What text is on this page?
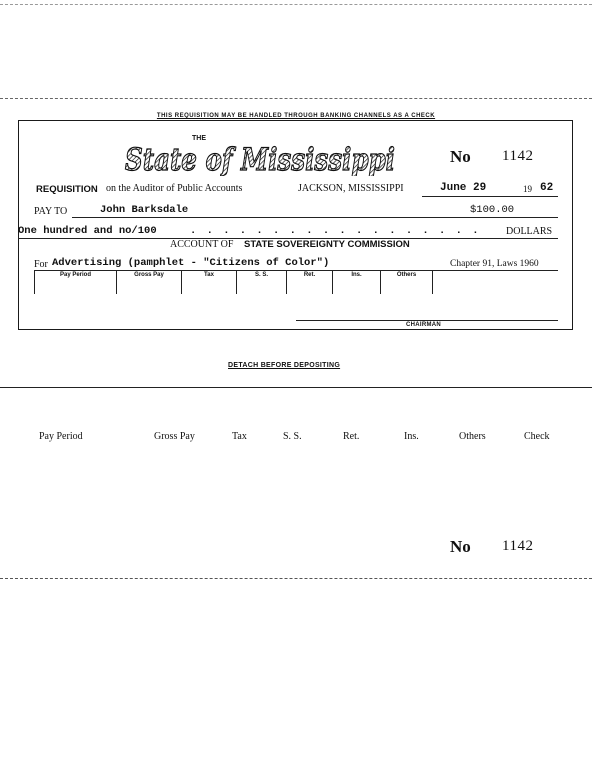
THIS REQUISITION MAY BE HANDLED THROUGH BANKING CHANNELS AS A CHECK
THE
State of Mississippi	No 1142
REQUISITION on the Auditor of Public Accounts	JACKSON, MISSISSIPPI	June 29	19 62
PAY TO	John Barksdale	$100.00
One hundred and no/100	. . . . . . . . . . . . . . . . . .	DOLLARS
ACCOUNT OF STATE SOVEREIGNTY COMMISSION
For Advertising (pamphlet - "Citizens of Color")	Chapter 91, Laws 1960
Pay Period	Gross Pay	Tax	S. S.	Ret.	Ins.	Others
CHAIRMAN
DETACH BEFORE DEPOSITING
Pay Period	Gross Pay	Tax	S. S.	Ret.	Ins.	Others	Check
No 1142
